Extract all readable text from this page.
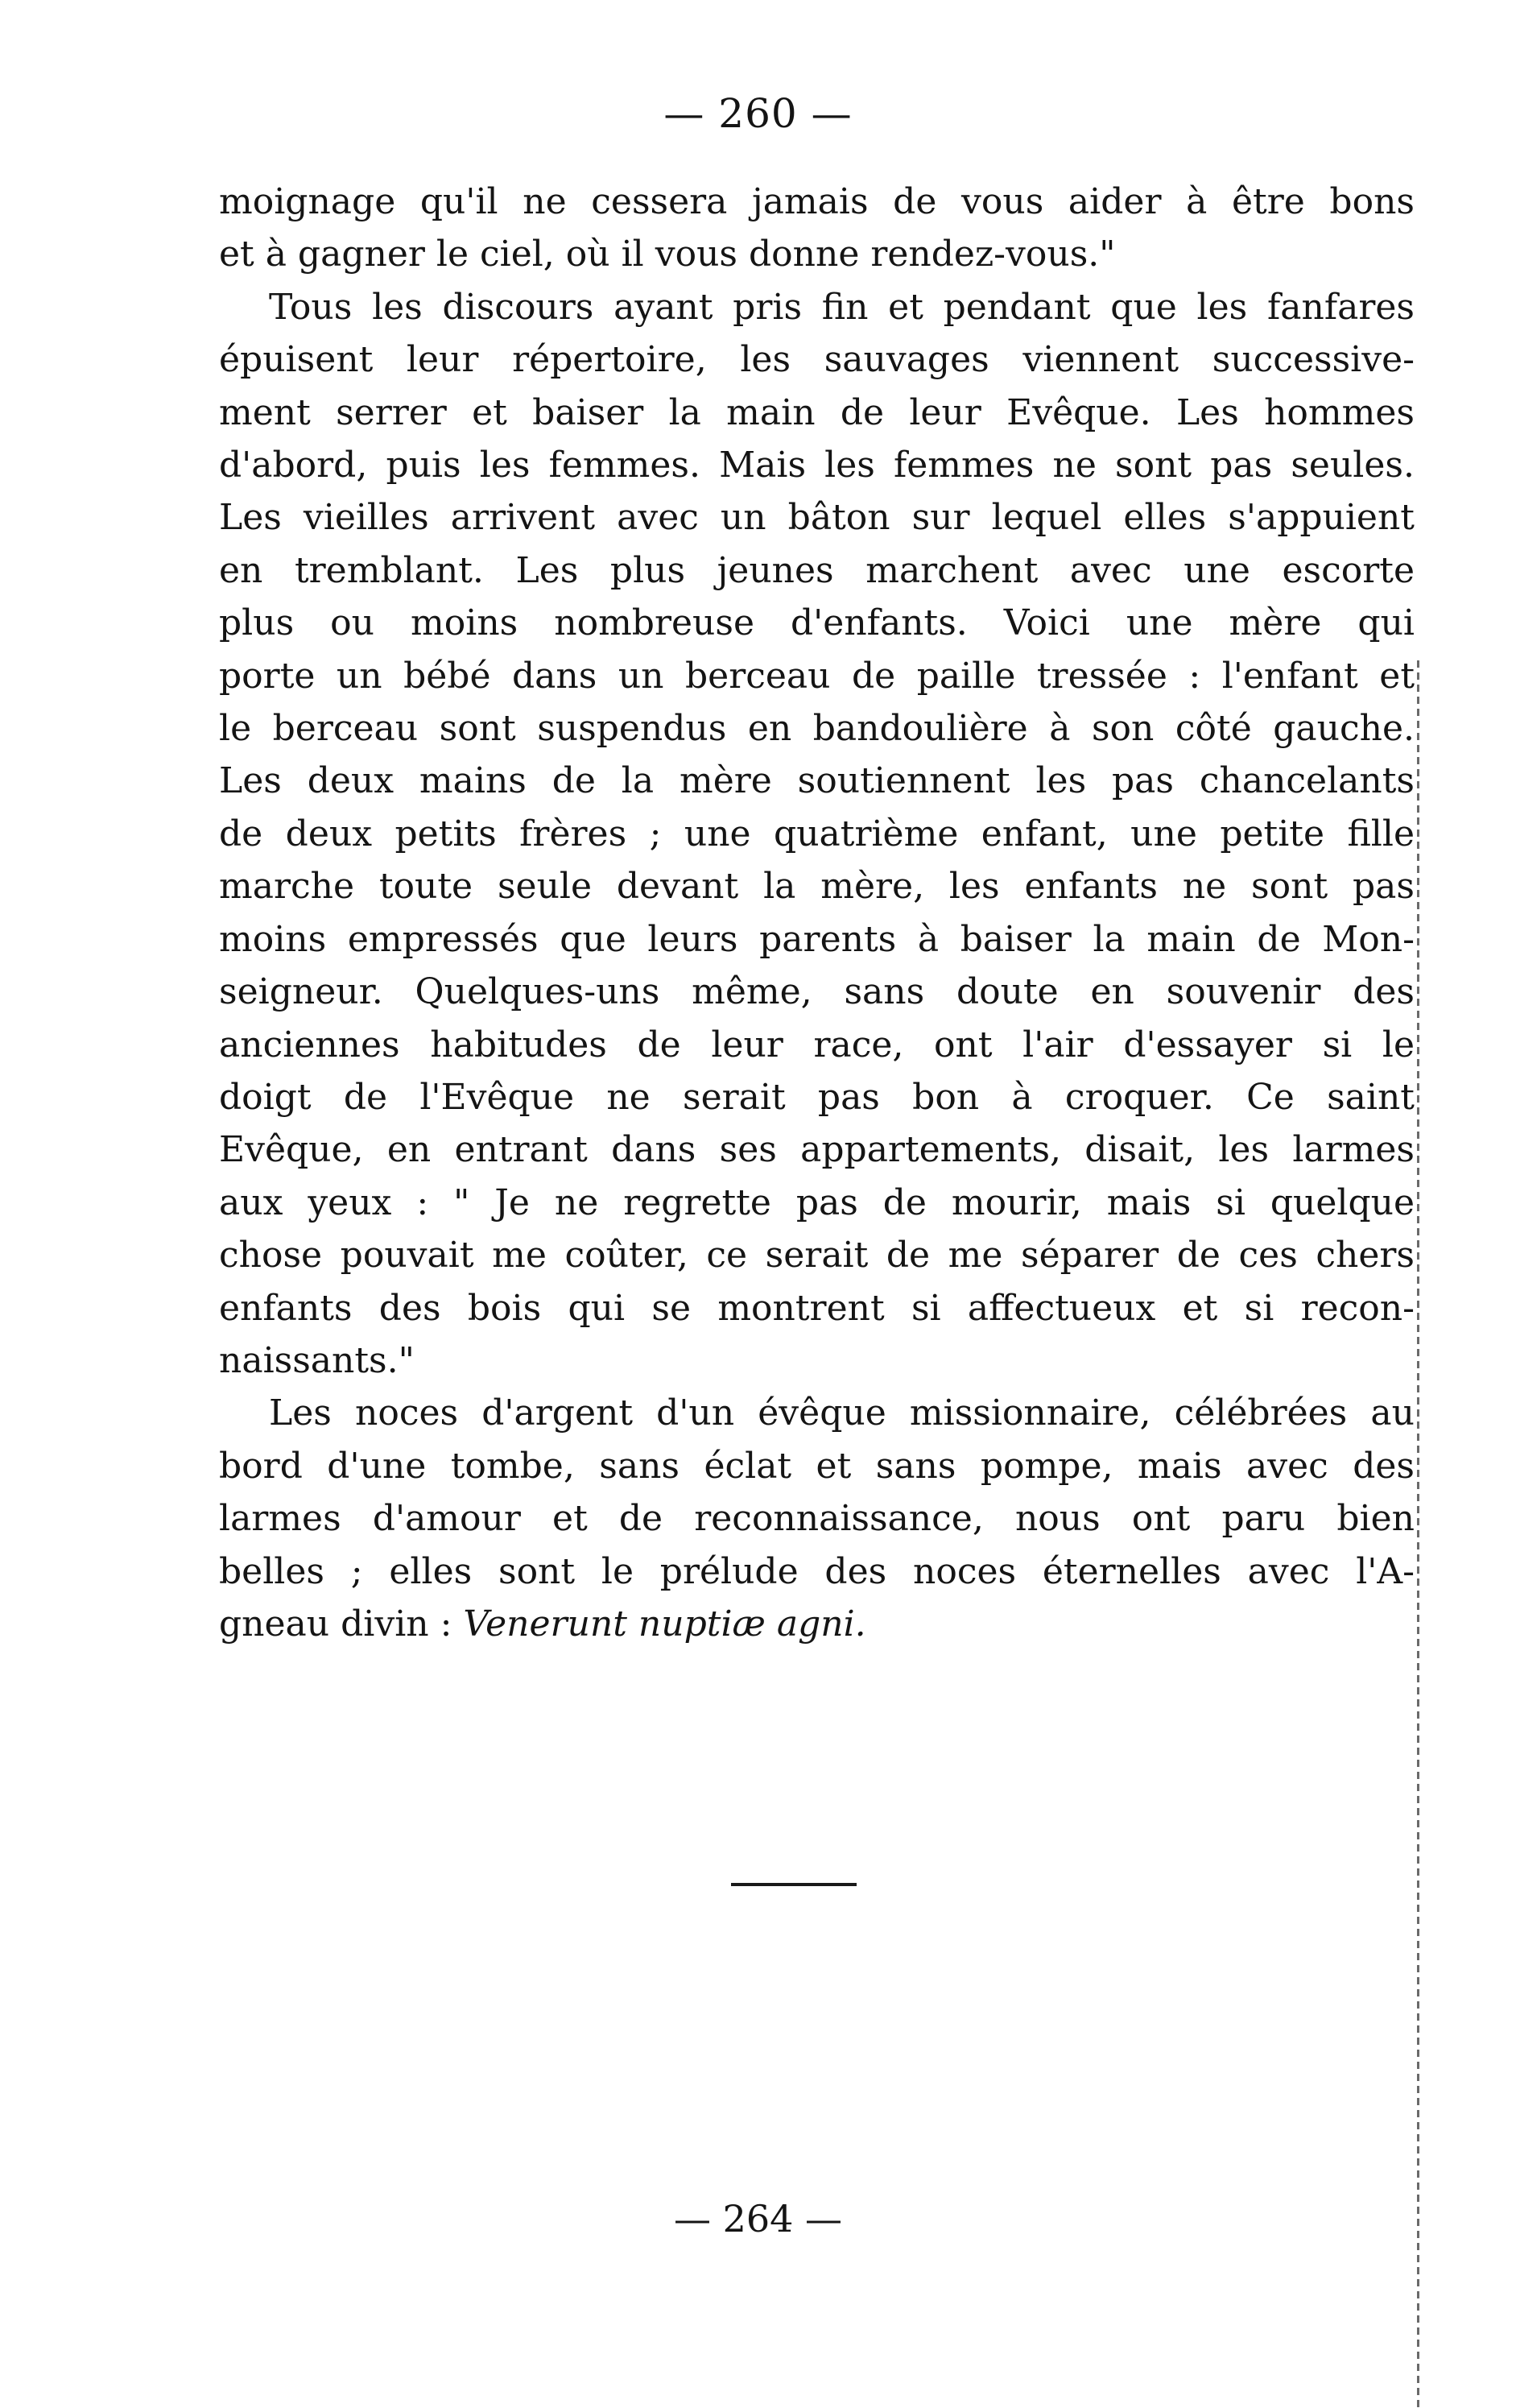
— 260 —
moignage qu'il ne cessera jamais de vous aider à être bons
et à gagner le ciel, où il vous donne rendez-vous."
Tous les discours ayant pris fin et pendant que les fanfares
épuisent leur répertoire, les sauvages viennent successive-
ment serrer et baiser la main de leur Evêque. Les hommes
d'abord, puis les femmes. Mais les femmes ne sont pas seules.
Les vieilles arrivent avec un bâton sur lequel elles s'appuient
en tremblant. Les plus jeunes marchent avec une escorte
plus ou moins nombreuse d'enfants. Voici une mère qui
porte un bébé dans un berceau de paille tressée : l'enfant et
le berceau sont suspendus en bandoulière à son côté gauche.
Les deux mains de la mère soutiennent les pas chancelants
de deux petits frères ; une quatrième enfant, une petite fille
marche toute seule devant la mère, les enfants ne sont pas
moins empressés que leurs parents à baiser la main de Mon-
seigneur. Quelques-uns même, sans doute en souvenir des
anciennes habitudes de leur race, ont l'air d'essayer si le
doigt de l'Evêque ne serait pas bon à croquer. Ce saint
Evêque, en entrant dans ses appartements, disait, les larmes
aux yeux : " Je ne regrette pas de mourir, mais si quelque
chose pouvait me coûter, ce serait de me séparer de ces chers
enfants des bois qui se montrent si affectueux et si recon-
naissants."
Les noces d'argent d'un évêque missionnaire, célébrées au
bord d'une tombe, sans éclat et sans pompe, mais avec des
larmes d'amour et de reconnaissance, nous ont paru bien
belles ; elles sont le prélude des noces éternelles avec l'A-
gneau divin : Venerunt nuptiæ agni.
— 264 —
